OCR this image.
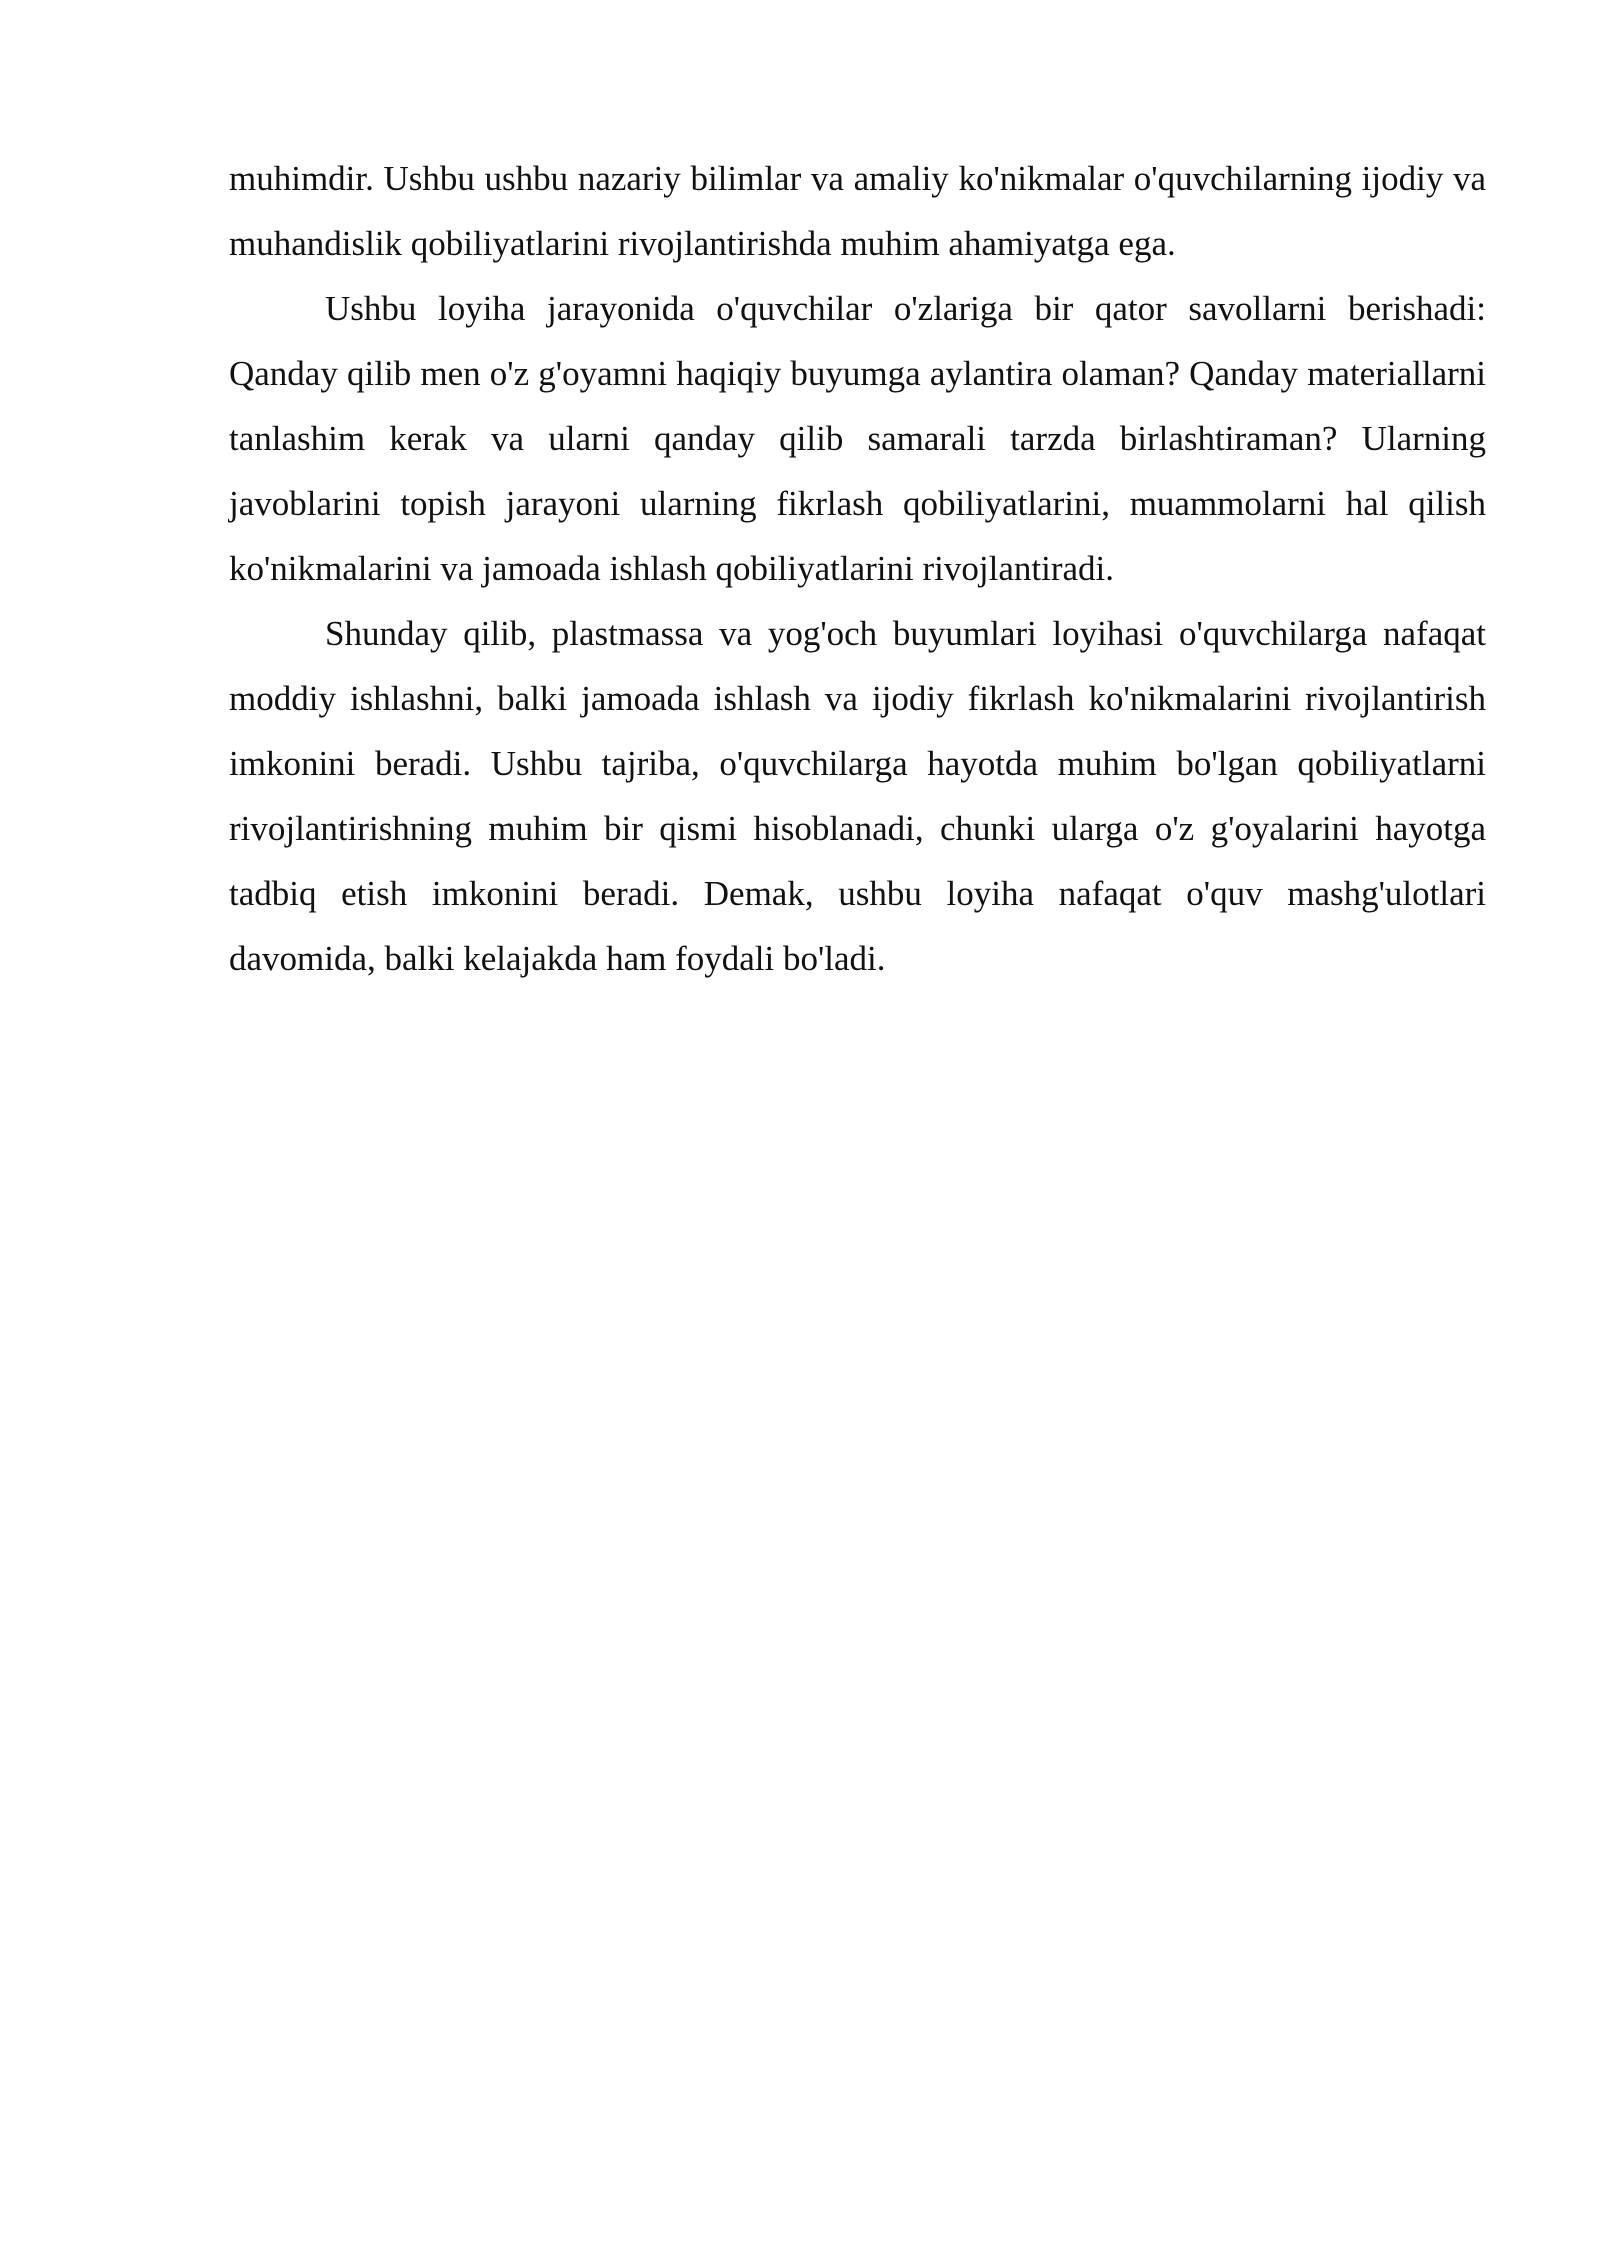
muhimdir. Ushbu ushbu nazariy bilimlar va amaliy ko'nikmalar o'quvchilarning ijodiy va muhandislik qobiliyatlarini rivojlantirishda muhim ahamiyatga ega.

Ushbu loyiha jarayonida o'quvchilar o'zlariga bir qator savollarni berishadi: Qanday qilib men o'z g'oyamni haqiqiy buyumga aylantira olaman? Qanday materiallarni tanlashim kerak va ularni qanday qilib samarali tarzda birlashtiraman? Ularning javoblarini topish jarayoni ularning fikrlash qobiliyatlarini, muammolarni hal qilish ko'nikmalarini va jamoada ishlash qobiliyatlarini rivojlantiradi.

Shunday qilib, plastmassa va yog'och buyumlari loyihasi o'quvchilarga nafaqat moddiy ishlashni, balki jamoada ishlash va ijodiy fikrlash ko'nikmalarini rivojlantirish imkonini beradi. Ushbu tajriba, o'quvchilarga hayotda muhim bo'lgan qobiliyatlarni rivojlantirishning muhim bir qismi hisoblanadi, chunki ularga o'z g'oyalarini hayotga tadbiq etish imkonini beradi. Demak, ushbu loyiha nafaqat o'quv mashg'ulotlari davomida, balki kelajakda ham foydali bo'ladi.
